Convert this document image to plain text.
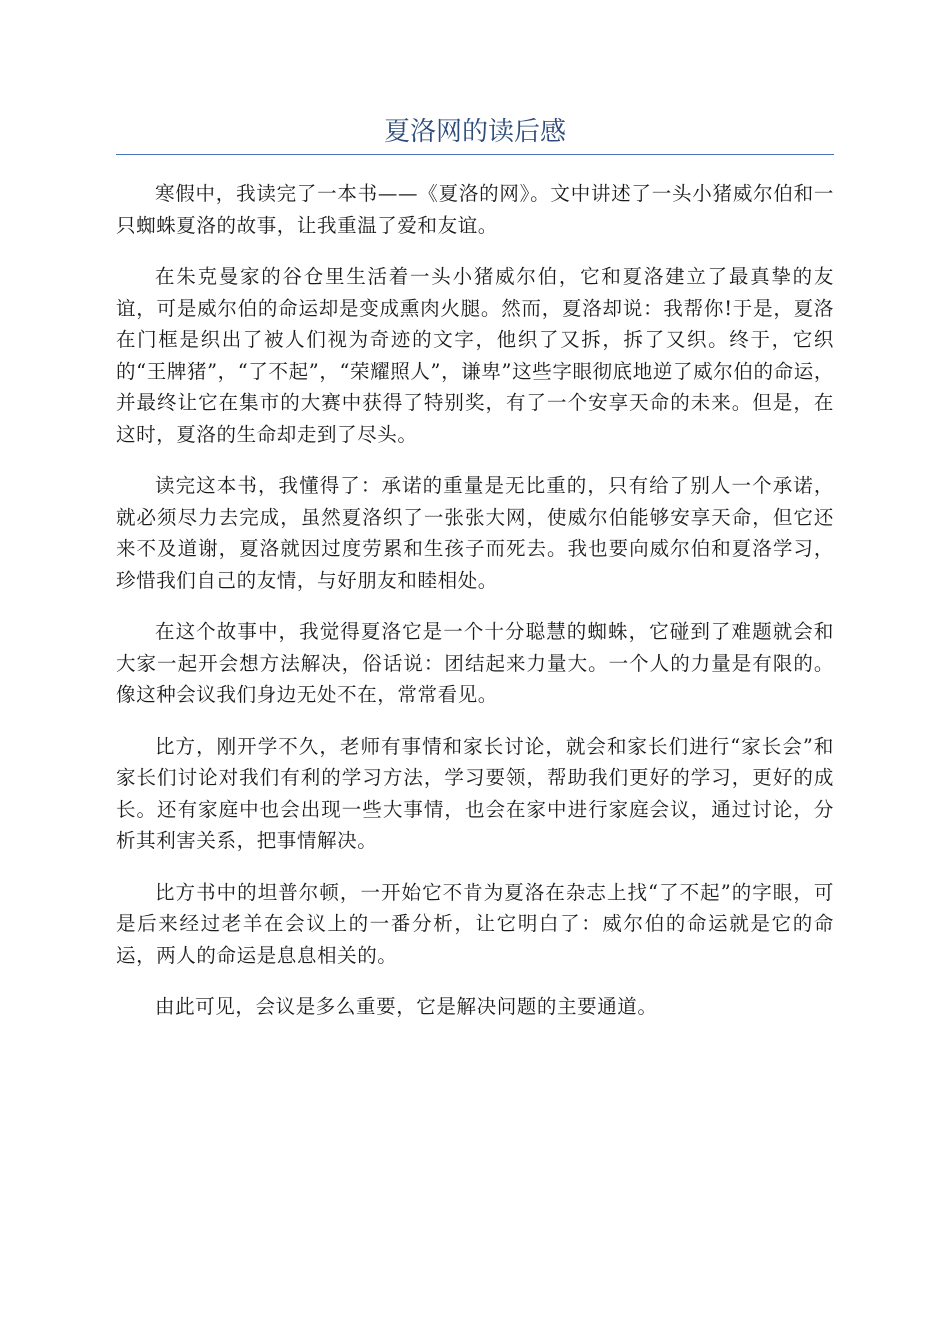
夏洛网的读后感

寒假中，我读完了一本书——《夏洛的网》。文中讲述了一头小猪威尔伯和一只蜘蛛夏洛的故事，让我重温了爱和友谊。

在朱克曼家的谷仓里生活着一头小猪威尔伯，它和夏洛建立了最真挚的友谊，可是威尔伯的命运却是变成熏肉火腿。然而，夏洛却说：我帮你!于是，夏洛在门框是织出了被人们视为奇迹的文字，他织了又拆，拆了又织。终于，它织的“王牌猪”，“了不起”，“荣耀照人”，谦卑”这些字眼彻底地逆了威尔伯的命运，并最终让它在集市的大赛中获得了特别奖，有了一个安享天命的未来。但是，在这时，夏洛的生命却走到了尽头。

读完这本书，我懂得了：承诺的重量是无比重的，只有给了别人一个承诺，就必须尽力去完成，虽然夏洛织了一张张大网，使威尔伯能够安享天命，但它还来不及道谢，夏洛就因过度劳累和生孩子而死去。我也要向威尔伯和夏洛学习，珍惜我们自己的友情，与好朋友和睦相处。

在这个故事中，我觉得夏洛它是一个十分聪慧的蜘蛛，它碰到了难题就会和大家一起开会想方法解决，俗话说：团结起来力量大。一个人的力量是有限的。像这种会议我们身边无处不在，常常看见。

比方，刚开学不久，老师有事情和家长讨论，就会和家长们进行“家长会”和家长们讨论对我们有利的学习方法，学习要领，帮助我们更好的学习，更好的成长。还有家庭中也会出现一些大事情，也会在家中进行家庭会议，通过讨论，分析其利害关系，把事情解决。

比方书中的坦普尔顿，一开始它不肯为夏洛在杂志上找“了不起”的字眼，可是后来经过老羊在会议上的一番分析，让它明白了：威尔伯的命运就是它的命运，两人的命运是息息相关的。

由此可见，会议是多么重要，它是解决问题的主要通道。
